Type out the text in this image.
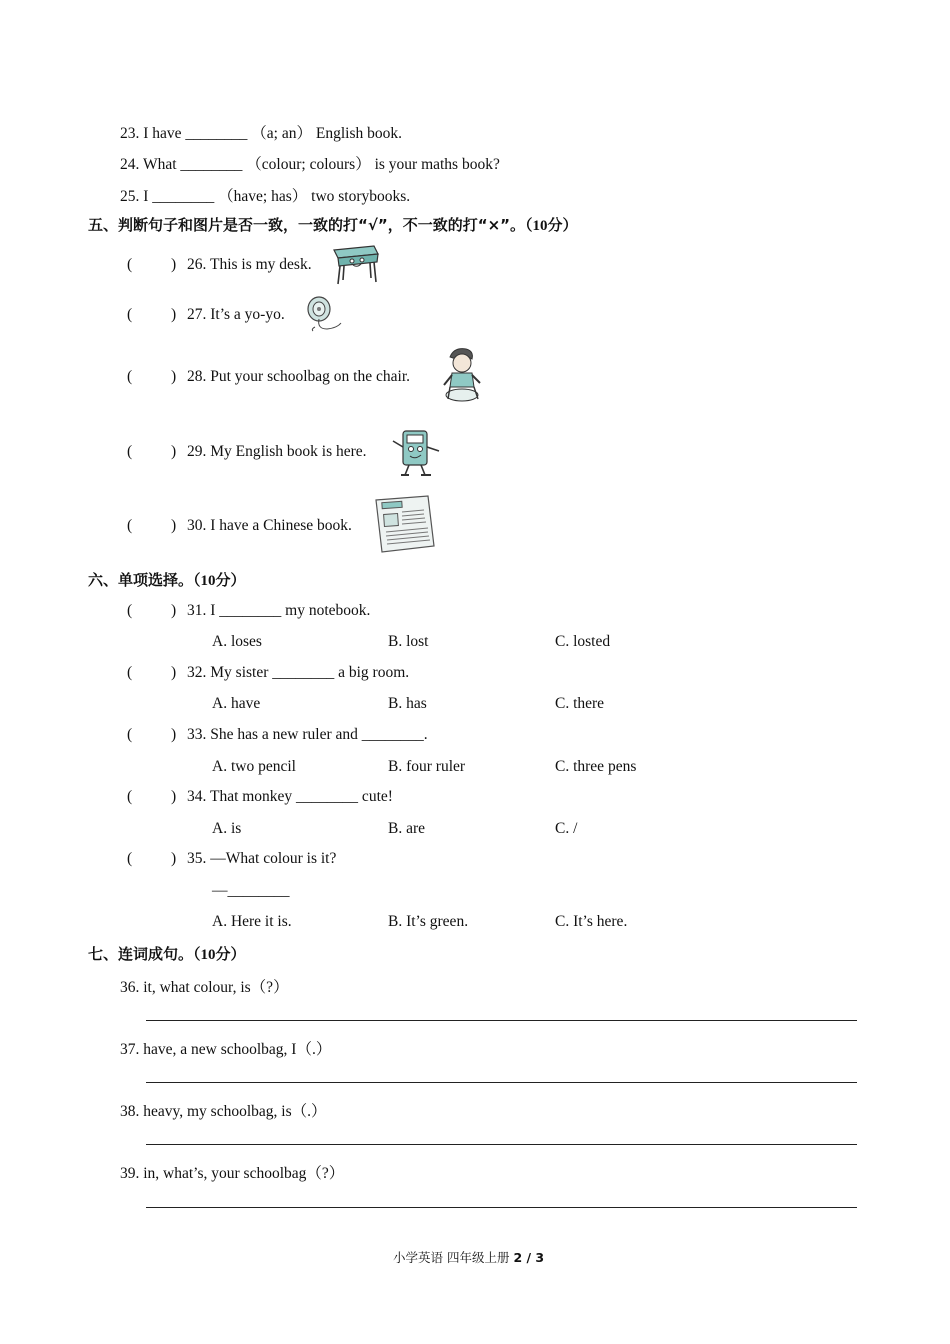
23. I have ________ （a; an） English book.
24. What ________ （colour; colours） is your maths book?
25. I ________ （have; has） two storybooks.
五、判断句子和图片是否一致，一致的打“√”，不一致的打“×”。（10分）
(	) 26. This is my desk.
(	) 27. It’s a yo-yo.
(	) 28. Put your schoolbag on the chair.
(	) 29. My English book is here.
(	) 30. I have a Chinese book.
六、单项选择。（10分）
(	) 31. I ________ my notebook.
A. loses	B. lost	C. losted
(	) 32. My sister ________ a big room.
A. have	B. has	C. there
(	) 33. She has a new ruler and ________.
A. two pencil	B. four ruler	C. three pens
(	) 34. That monkey ________ cute!
A. is	B. are	C. /
(	) 35. —What colour is it?
—________
A. Here it is.	B. It’s green.	C. It’s here.
七、连词成句。（10分）
36. it, what colour, is（?）
37. have, a new schoolbag, I（.）
38. heavy, my schoolbag, is（.）
39. in, what’s, your schoolbag（?）
小学英语 四年级上册 2 / 3
